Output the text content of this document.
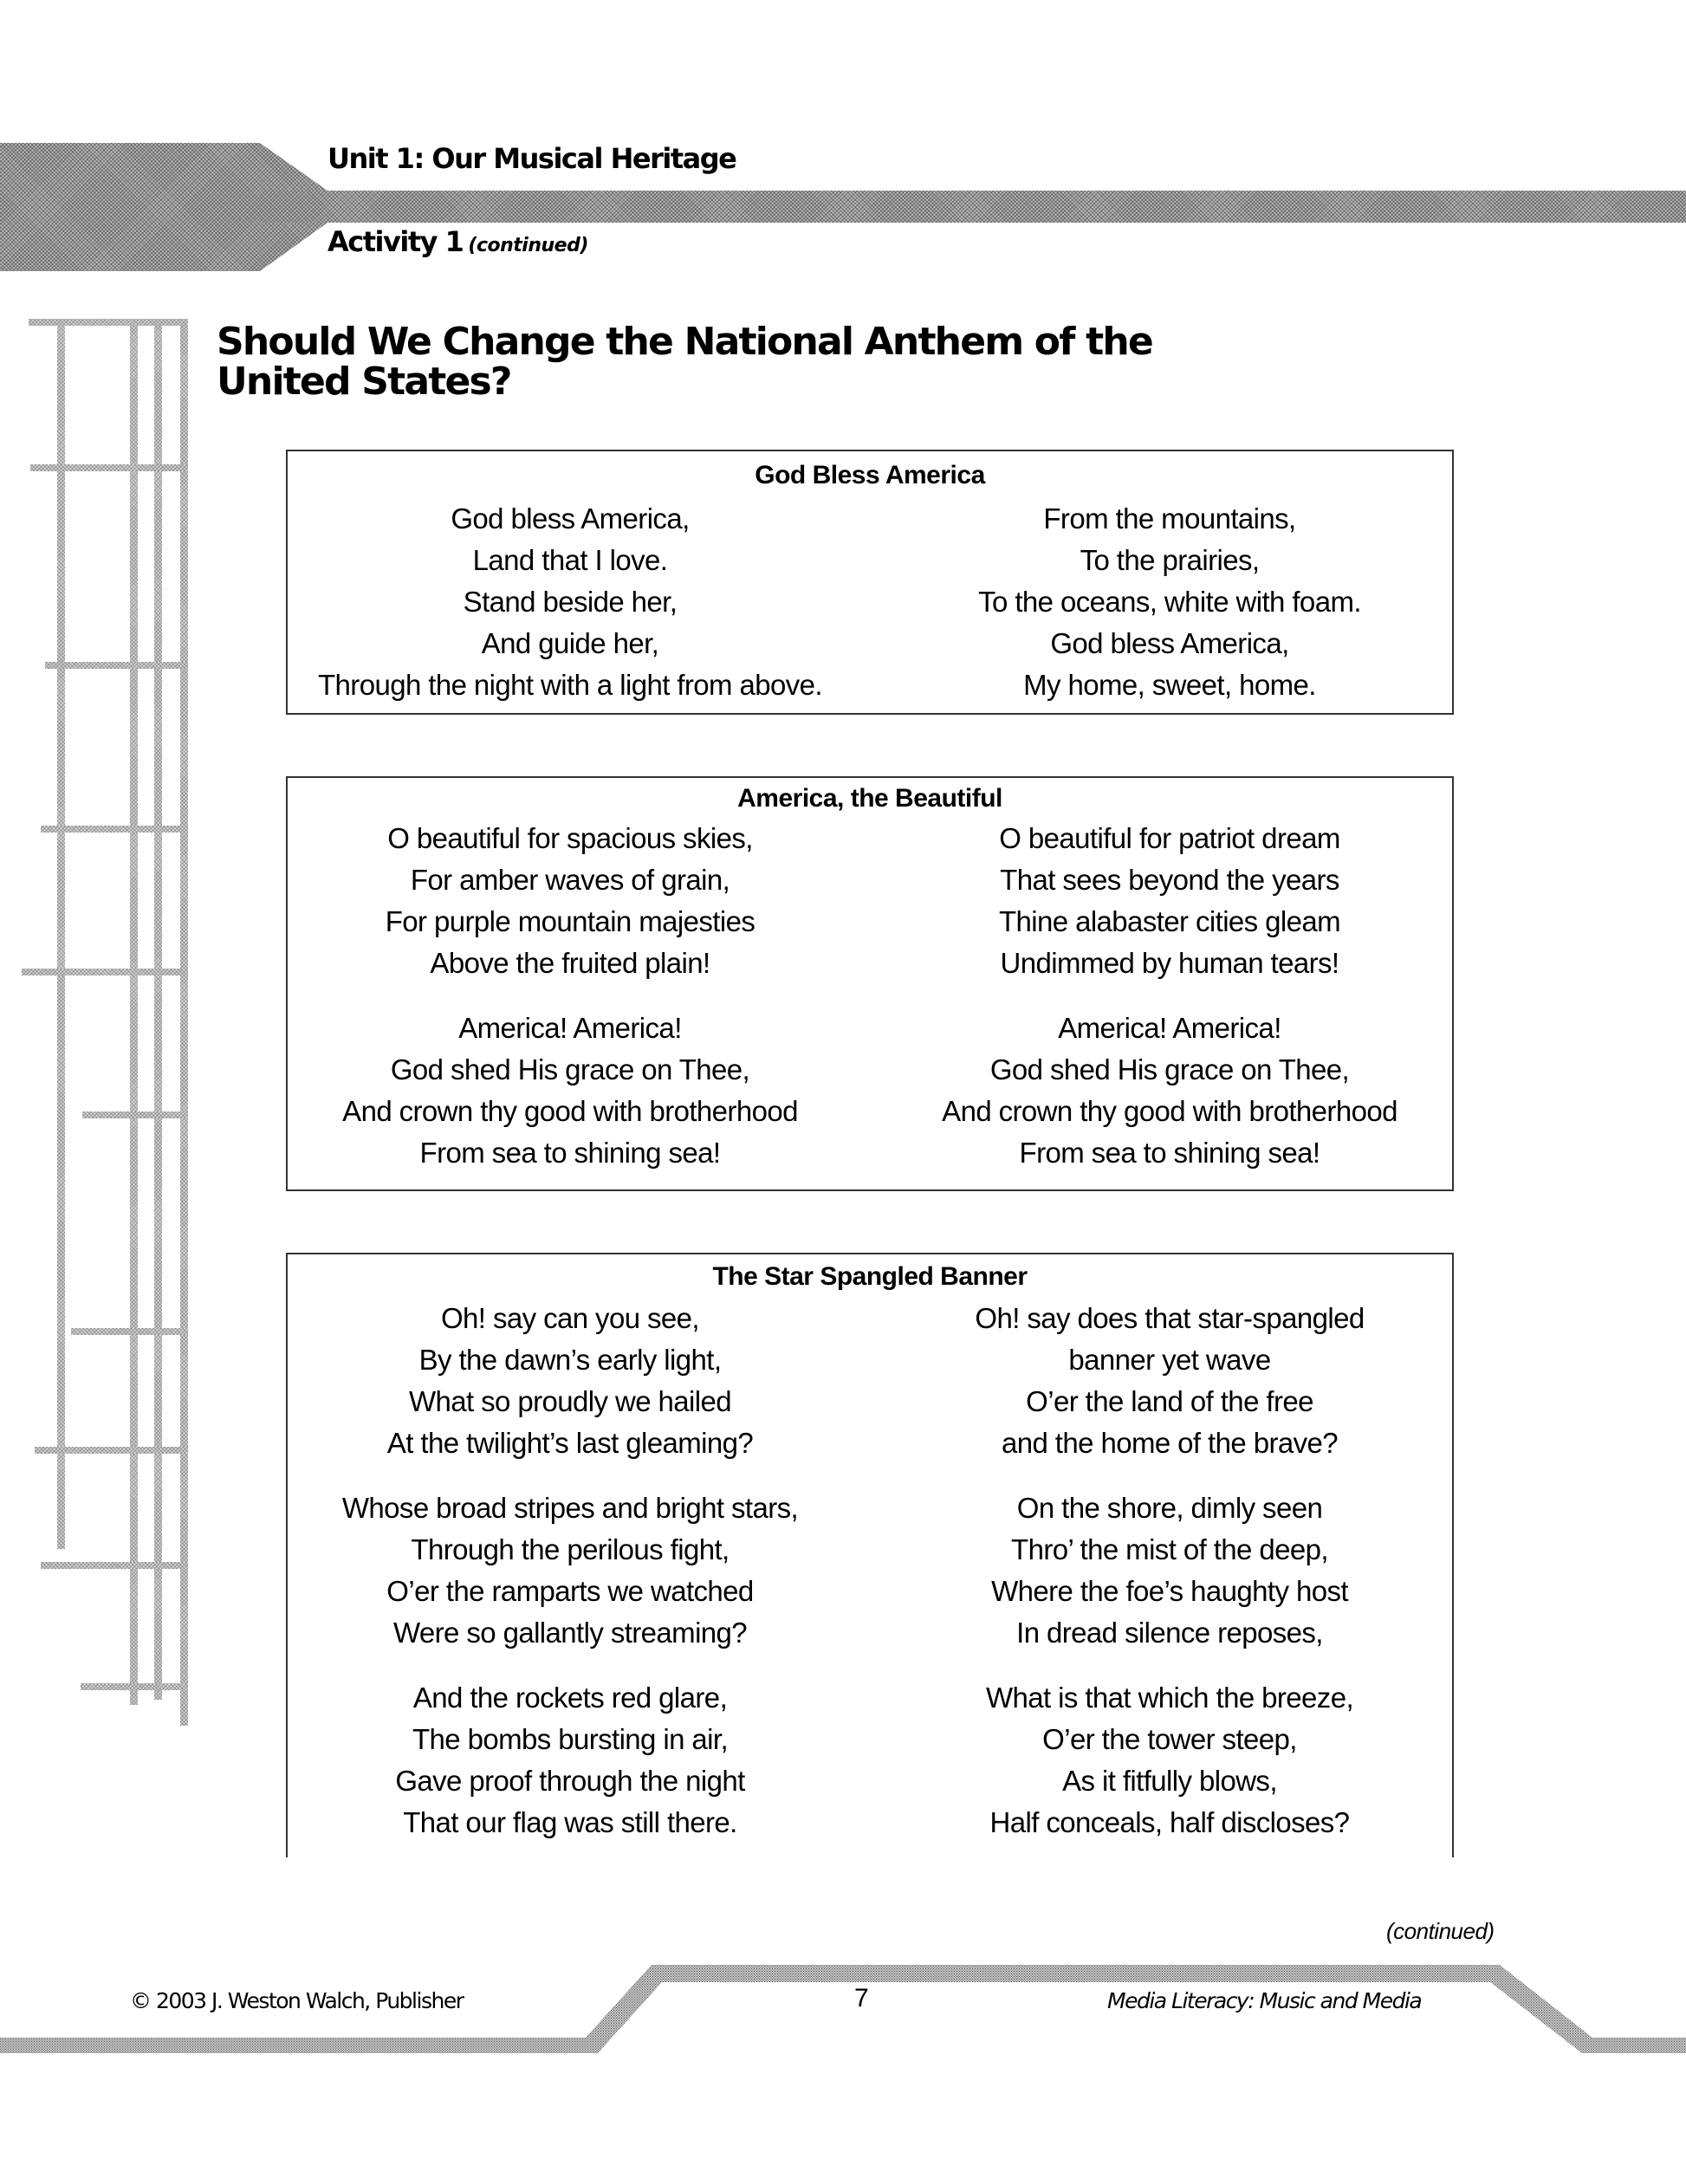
Unit 1: Our Musical Heritage
Activity 1 (continued)
Should We Change the National Anthem of the
United States?
God Bless America
God bless America,
Land that I love.
Stand beside her,
And guide her,
Through the night with a light from above.
From the mountains,
To the prairies,
To the oceans, white with foam.
God bless America,
My home, sweet, home.
America, the Beautiful
O beautiful for spacious skies,
For amber waves of grain,
For purple mountain majesties
Above the fruited plain!
America! America!
God shed His grace on Thee,
And crown thy good with brotherhood
From sea to shining sea!
O beautiful for patriot dream
That sees beyond the years
Thine alabaster cities gleam
Undimmed by human tears!
America! America!
God shed His grace on Thee,
And crown thy good with brotherhood
From sea to shining sea!
The Star Spangled Banner
Oh! say can you see,
By the dawn’s early light,
What so proudly we hailed
At the twilight’s last gleaming?
Whose broad stripes and bright stars,
Through the perilous fight,
O’er the ramparts we watched
Were so gallantly streaming?
And the rockets red glare,
The bombs bursting in air,
Gave proof through the night
That our flag was still there.
Oh! say does that star-spangled
banner yet wave
O’er the land of the free
and the home of the brave?
On the shore, dimly seen
Thro’ the mist of the deep,
Where the foe’s haughty host
In dread silence reposes,
What is that which the breeze,
O’er the tower steep,
As it fitfully blows,
Half conceals, half discloses?
(continued)
© 2003 J. Weston Walch, Publisher	7	Media Literacy: Music and Media
